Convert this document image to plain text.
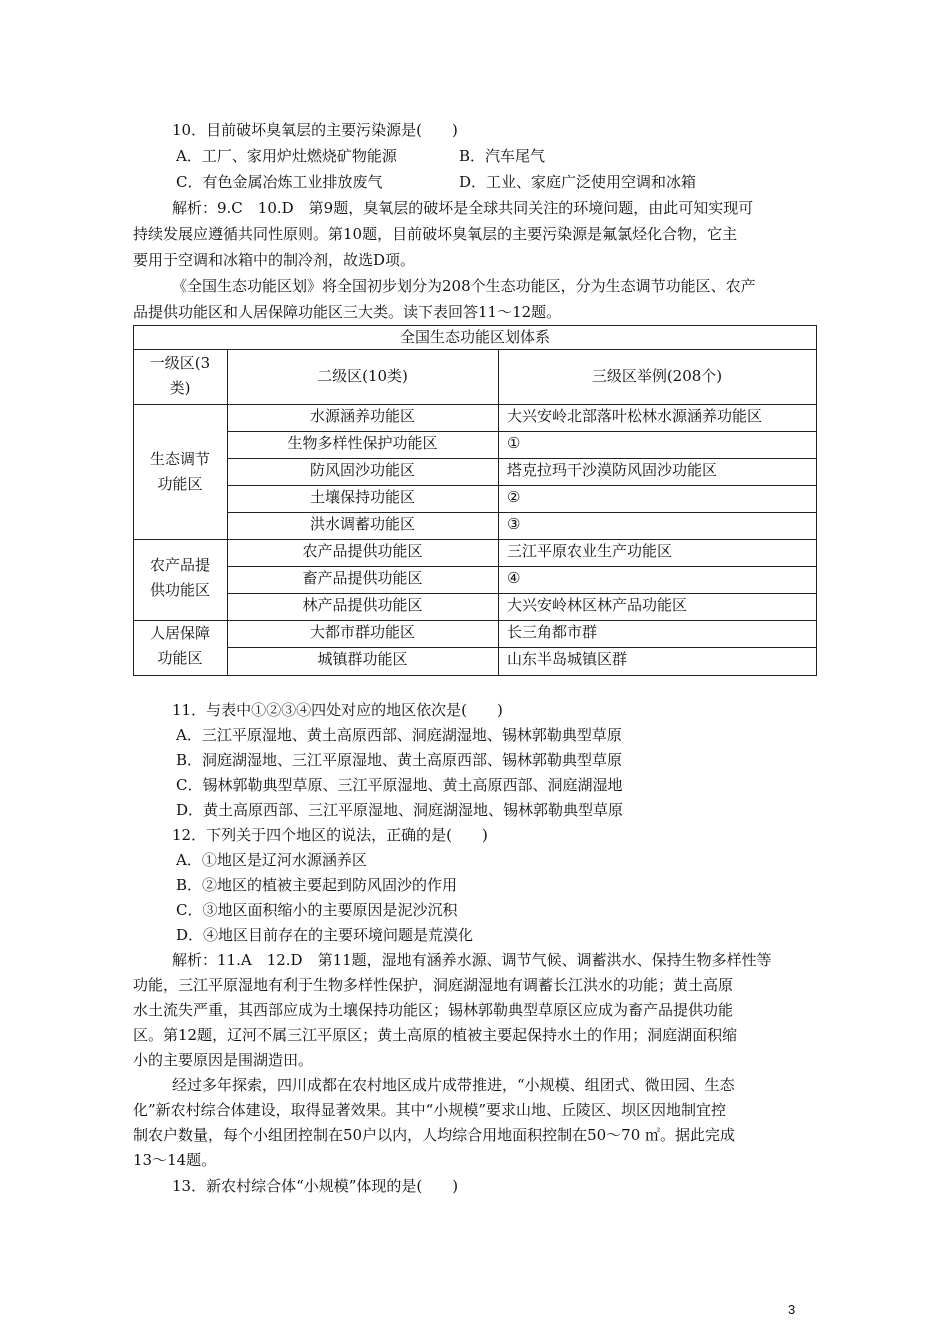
10．目前破坏臭氧层的主要污染源是(　　)
A．工厂、家用炉灶燃烧矿物能源	B．汽车尾气
C．有色金属冶炼工业排放废气	D．工业、家庭广泛使用空调和冰箱
解析：9.C　10.D　第9题，臭氧层的破坏是全球共同关注的环境问题，由此可知实现可
持续发展应遵循共同性原则。第10题，目前破坏臭氧层的主要污染源是氟氯烃化合物，它主
要用于空调和冰箱中的制冷剂，故选D项。
《全国生态功能区划》将全国初步划分为208个生态功能区，分为生态调节功能区、农产
品提供功能区和人居保障功能区三大类。读下表回答11～12题。
全国生态功能区划体系
一级区(3
类)
二级区(10类)	三级区举例(208个)
生态调节
功能区
水源涵养功能区	大兴安岭北部落叶松林水源涵养功能区
生物多样性保护功能区	①
防风固沙功能区	塔克拉玛干沙漠防风固沙功能区
土壤保持功能区	②
洪水调蓄功能区	③
农产品提
供功能区
农产品提供功能区	三江平原农业生产功能区
畜产品提供功能区	④
林产品提供功能区	大兴安岭林区林产品功能区
人居保障
功能区
大都市群功能区	长三角都市群
城镇群功能区	山东半岛城镇区群
11．与表中①②③④四处对应的地区依次是(　　)
A．三江平原湿地、黄土高原西部、洞庭湖湿地、锡林郭勒典型草原
B．洞庭湖湿地、三江平原湿地、黄土高原西部、锡林郭勒典型草原
C．锡林郭勒典型草原、三江平原湿地、黄土高原西部、洞庭湖湿地
D．黄土高原西部、三江平原湿地、洞庭湖湿地、锡林郭勒典型草原
12．下列关于四个地区的说法，正确的是(　　)
A．①地区是辽河水源涵养区
B．②地区的植被主要起到防风固沙的作用
C．③地区面积缩小的主要原因是泥沙沉积
D．④地区目前存在的主要环境问题是荒漠化
解析：11.A　12.D　第11题，湿地有涵养水源、调节气候、调蓄洪水、保持生物多样性等
功能，三江平原湿地有利于生物多样性保护，洞庭湖湿地有调蓄长江洪水的功能；黄土高原
水土流失严重，其西部应成为土壤保持功能区；锡林郭勒典型草原区应成为畜产品提供功能
区。第12题，辽河不属三江平原区；黄土高原的植被主要起保持水土的作用；洞庭湖面积缩
小的主要原因是围湖造田。
经过多年探索，四川成都在农村地区成片成带推进，“小规模、组团式、微田园、生态
化”新农村综合体建设，取得显著效果。其中“小规模”要求山地、丘陵区、坝区因地制宜控
制农户数量，每个小组团控制在50户以内，人均综合用地面积控制在50～70 ㎡。据此完成
13～14题。
13．新农村综合体“小规模”体现的是(　　)
3
